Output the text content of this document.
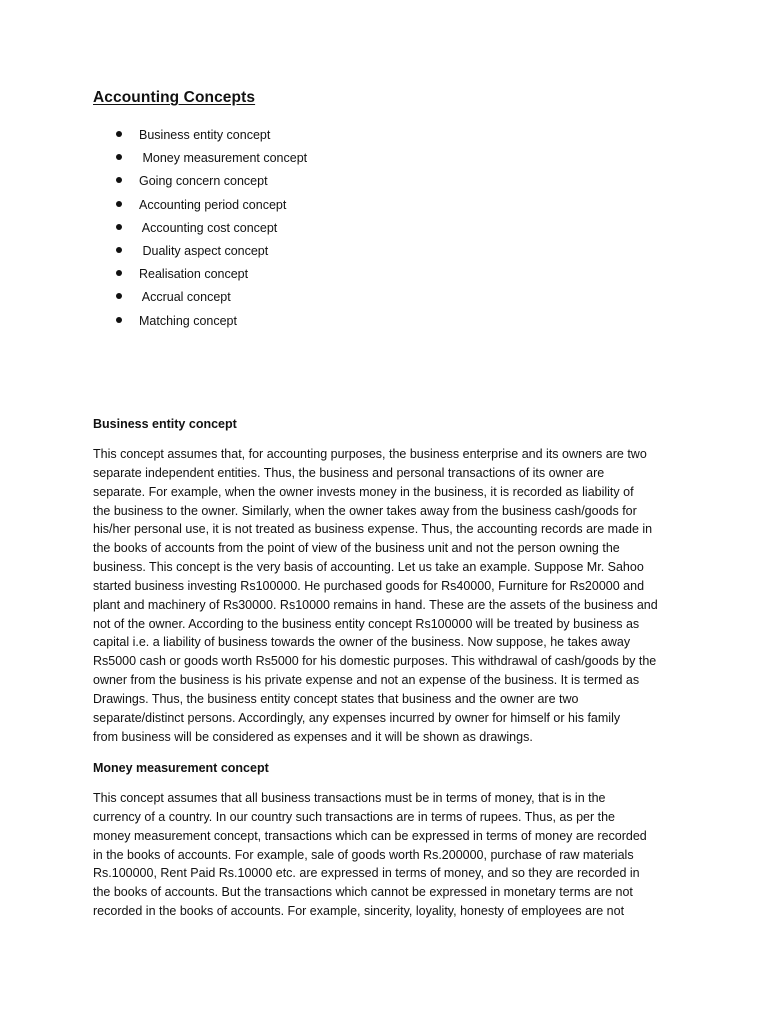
Accounting Concepts
Business entity concept
Money measurement concept
Going concern concept
Accounting period concept
Accounting cost concept
Duality aspect concept
Realisation concept
Accrual concept
Matching concept
Business entity concept
This concept assumes that, for accounting purposes, the business enterprise and its owners are two
separate independent entities. Thus, the business and personal transactions of its owner are
separate. For example, when the owner invests money in the business, it is recorded as liability of
the business to the owner. Similarly, when the owner takes away from the business cash/goods for
his/her personal use, it is not treated as business expense. Thus, the accounting records are made in
the books of accounts from the point of view of the business unit and not the person owning the
business. This concept is the very basis of accounting. Let us take an example. Suppose Mr. Sahoo
started business investing Rs100000. He purchased goods for Rs40000, Furniture for Rs20000 and
plant and machinery of Rs30000. Rs10000 remains in hand. These are the assets of the business and
not of the owner. According to the business entity concept Rs100000 will be treated by business as
capital i.e. a liability of business towards the owner of the business. Now suppose, he takes away
Rs5000 cash or goods worth Rs5000 for his domestic purposes. This withdrawal of cash/goods by the
owner from the business is his private expense and not an expense of the business. It is termed as
Drawings. Thus, the business entity concept states that business and the owner are two
separate/distinct persons. Accordingly, any expenses incurred by owner for himself or his family
from business will be considered as expenses and it will be shown as drawings.
Money measurement concept
This concept assumes that all business transactions must be in terms of money, that is in the
currency of a country. In our country such transactions are in terms of rupees. Thus, as per the
money measurement concept, transactions which can be expressed in terms of money are recorded
in the books of accounts. For example, sale of goods worth Rs.200000, purchase of raw materials
Rs.100000, Rent Paid Rs.10000 etc. are expressed in terms of money, and so they are recorded in
the books of accounts. But the transactions which cannot be expressed in monetary terms are not
recorded in the books of accounts. For example, sincerity, loyality, honesty of employees are not
